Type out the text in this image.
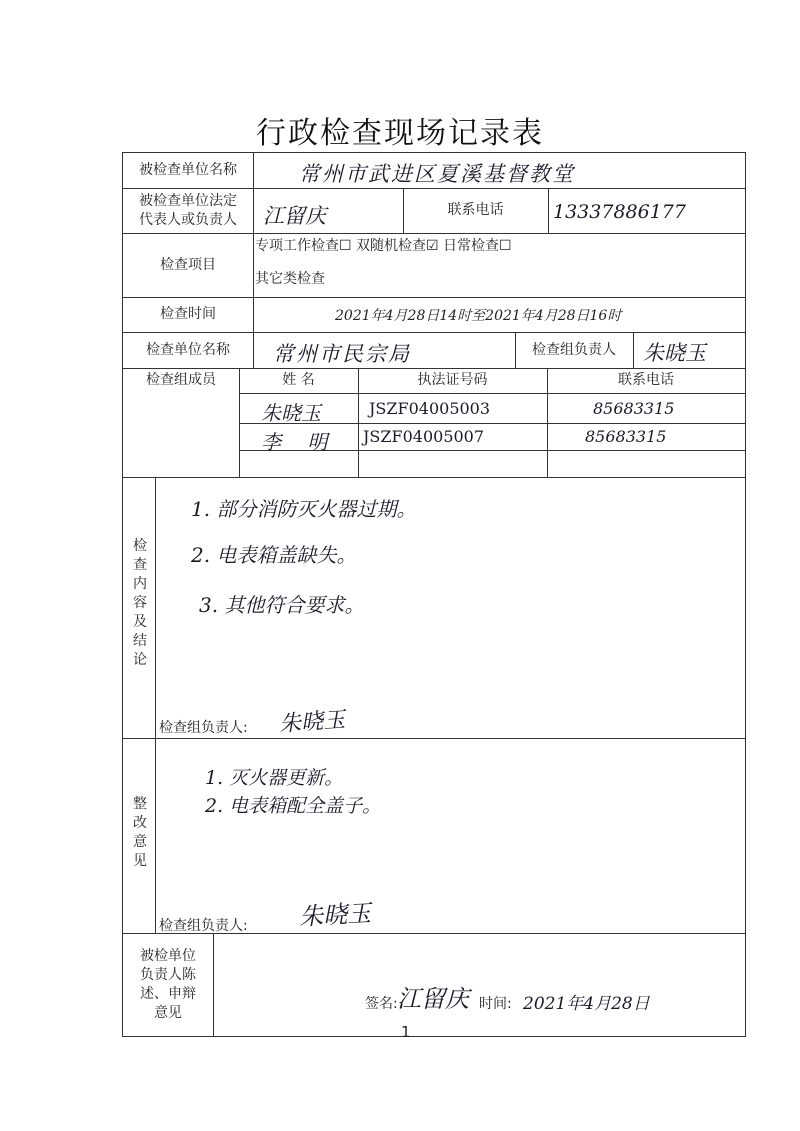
行政检查现场记录表
被检查单位名称	常州市武进区夏溪基督教堂
被检查单位法定
代表人或负责人 江留庆	联系电话	13337886177
检查项目
专项工作检查☐ 双随机检查☑ 日常检查☐
其它类检查
检查时间	2021年4月28日14时至2021年4月28日16时
检查单位名称	常州市民宗局	检查组负责人	朱晓玉
检查组成员	姓 名	执法证号码	联系电话
朱晓玉	JSZF04005003	85683315
李 明 JSZF04005007	85683315
检
查
内
容
及
结
论
1. 部分消防灭火器过期。
2. 电表箱盖缺失。
3. 其他符合要求。
检查组负责人: 朱晓玉
整
改
意
见
1. 灭火器更新。
2. 电表箱配全盖子。
检查组负责人: 朱晓玉
被检单位
负责人陈
述、申辩
意见
签名: 江留庆 时间: 2021年4月28日
1
